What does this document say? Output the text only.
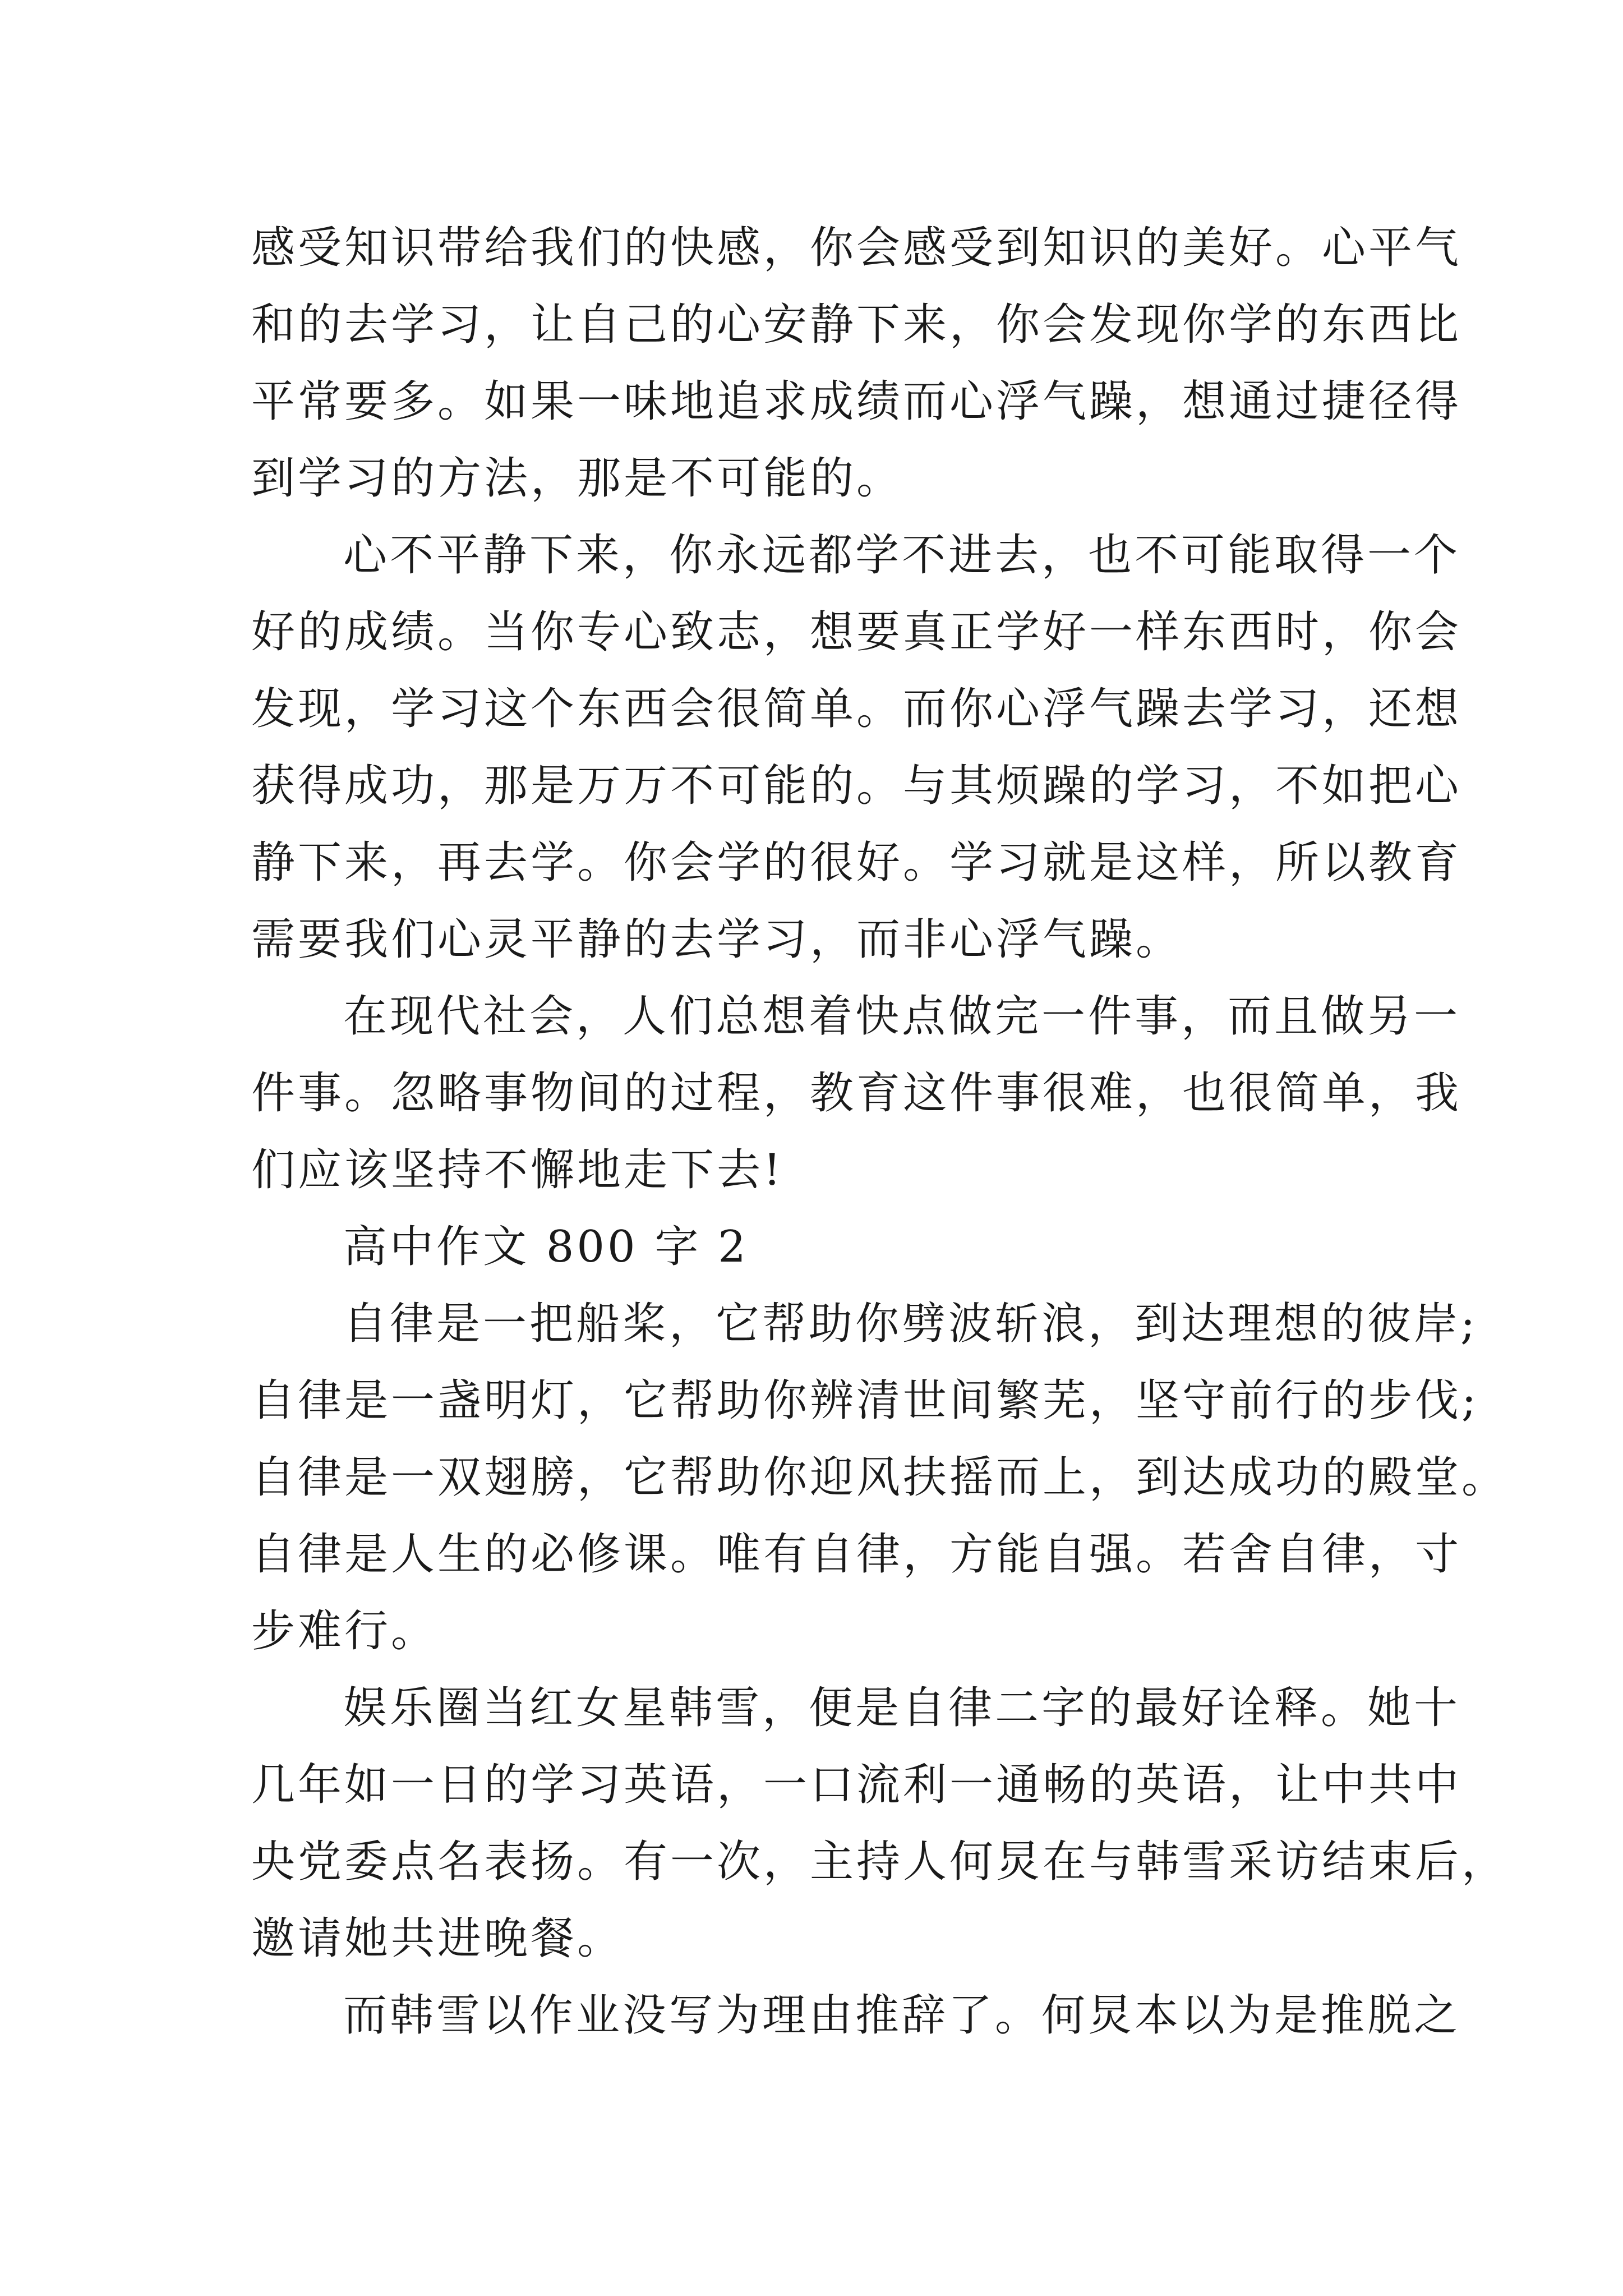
感受知识带给我们的快感，你会感受到知识的美好。心平气
和的去学习，让自己的心安静下来，你会发现你学的东西比
平常要多。如果一味地追求成绩而心浮气躁，想通过捷径得
到学习的方法，那是不可能的。
心不平静下来，你永远都学不进去，也不可能取得一个
好的成绩。当你专心致志，想要真正学好一样东西时，你会
发现，学习这个东西会很简单。而你心浮气躁去学习，还想
获得成功，那是万万不可能的。与其烦躁的学习，不如把心
静下来，再去学。你会学的很好。学习就是这样，所以教育
需要我们心灵平静的去学习，而非心浮气躁。
在现代社会，人们总想着快点做完一件事，而且做另一
件事。忽略事物间的过程，教育这件事很难，也很简单，我
们应该坚持不懈地走下去!
高中作文 800 字 2
自律是一把船桨，它帮助你劈波斩浪，到达理想的彼岸;
自律是一盏明灯，它帮助你辨清世间繁芜，坚守前行的步伐;
自律是一双翅膀，它帮助你迎风扶摇而上，到达成功的殿堂。
自律是人生的必修课。唯有自律，方能自强。若舍自律，寸
步难行。
娱乐圈当红女星韩雪，便是自律二字的最好诠释。她十
几年如一日的学习英语，一口流利一通畅的英语，让中共中
央党委点名表扬。有一次，主持人何炅在与韩雪采访结束后，
邀请她共进晚餐。
而韩雪以作业没写为理由推辞了。何炅本以为是推脱之
